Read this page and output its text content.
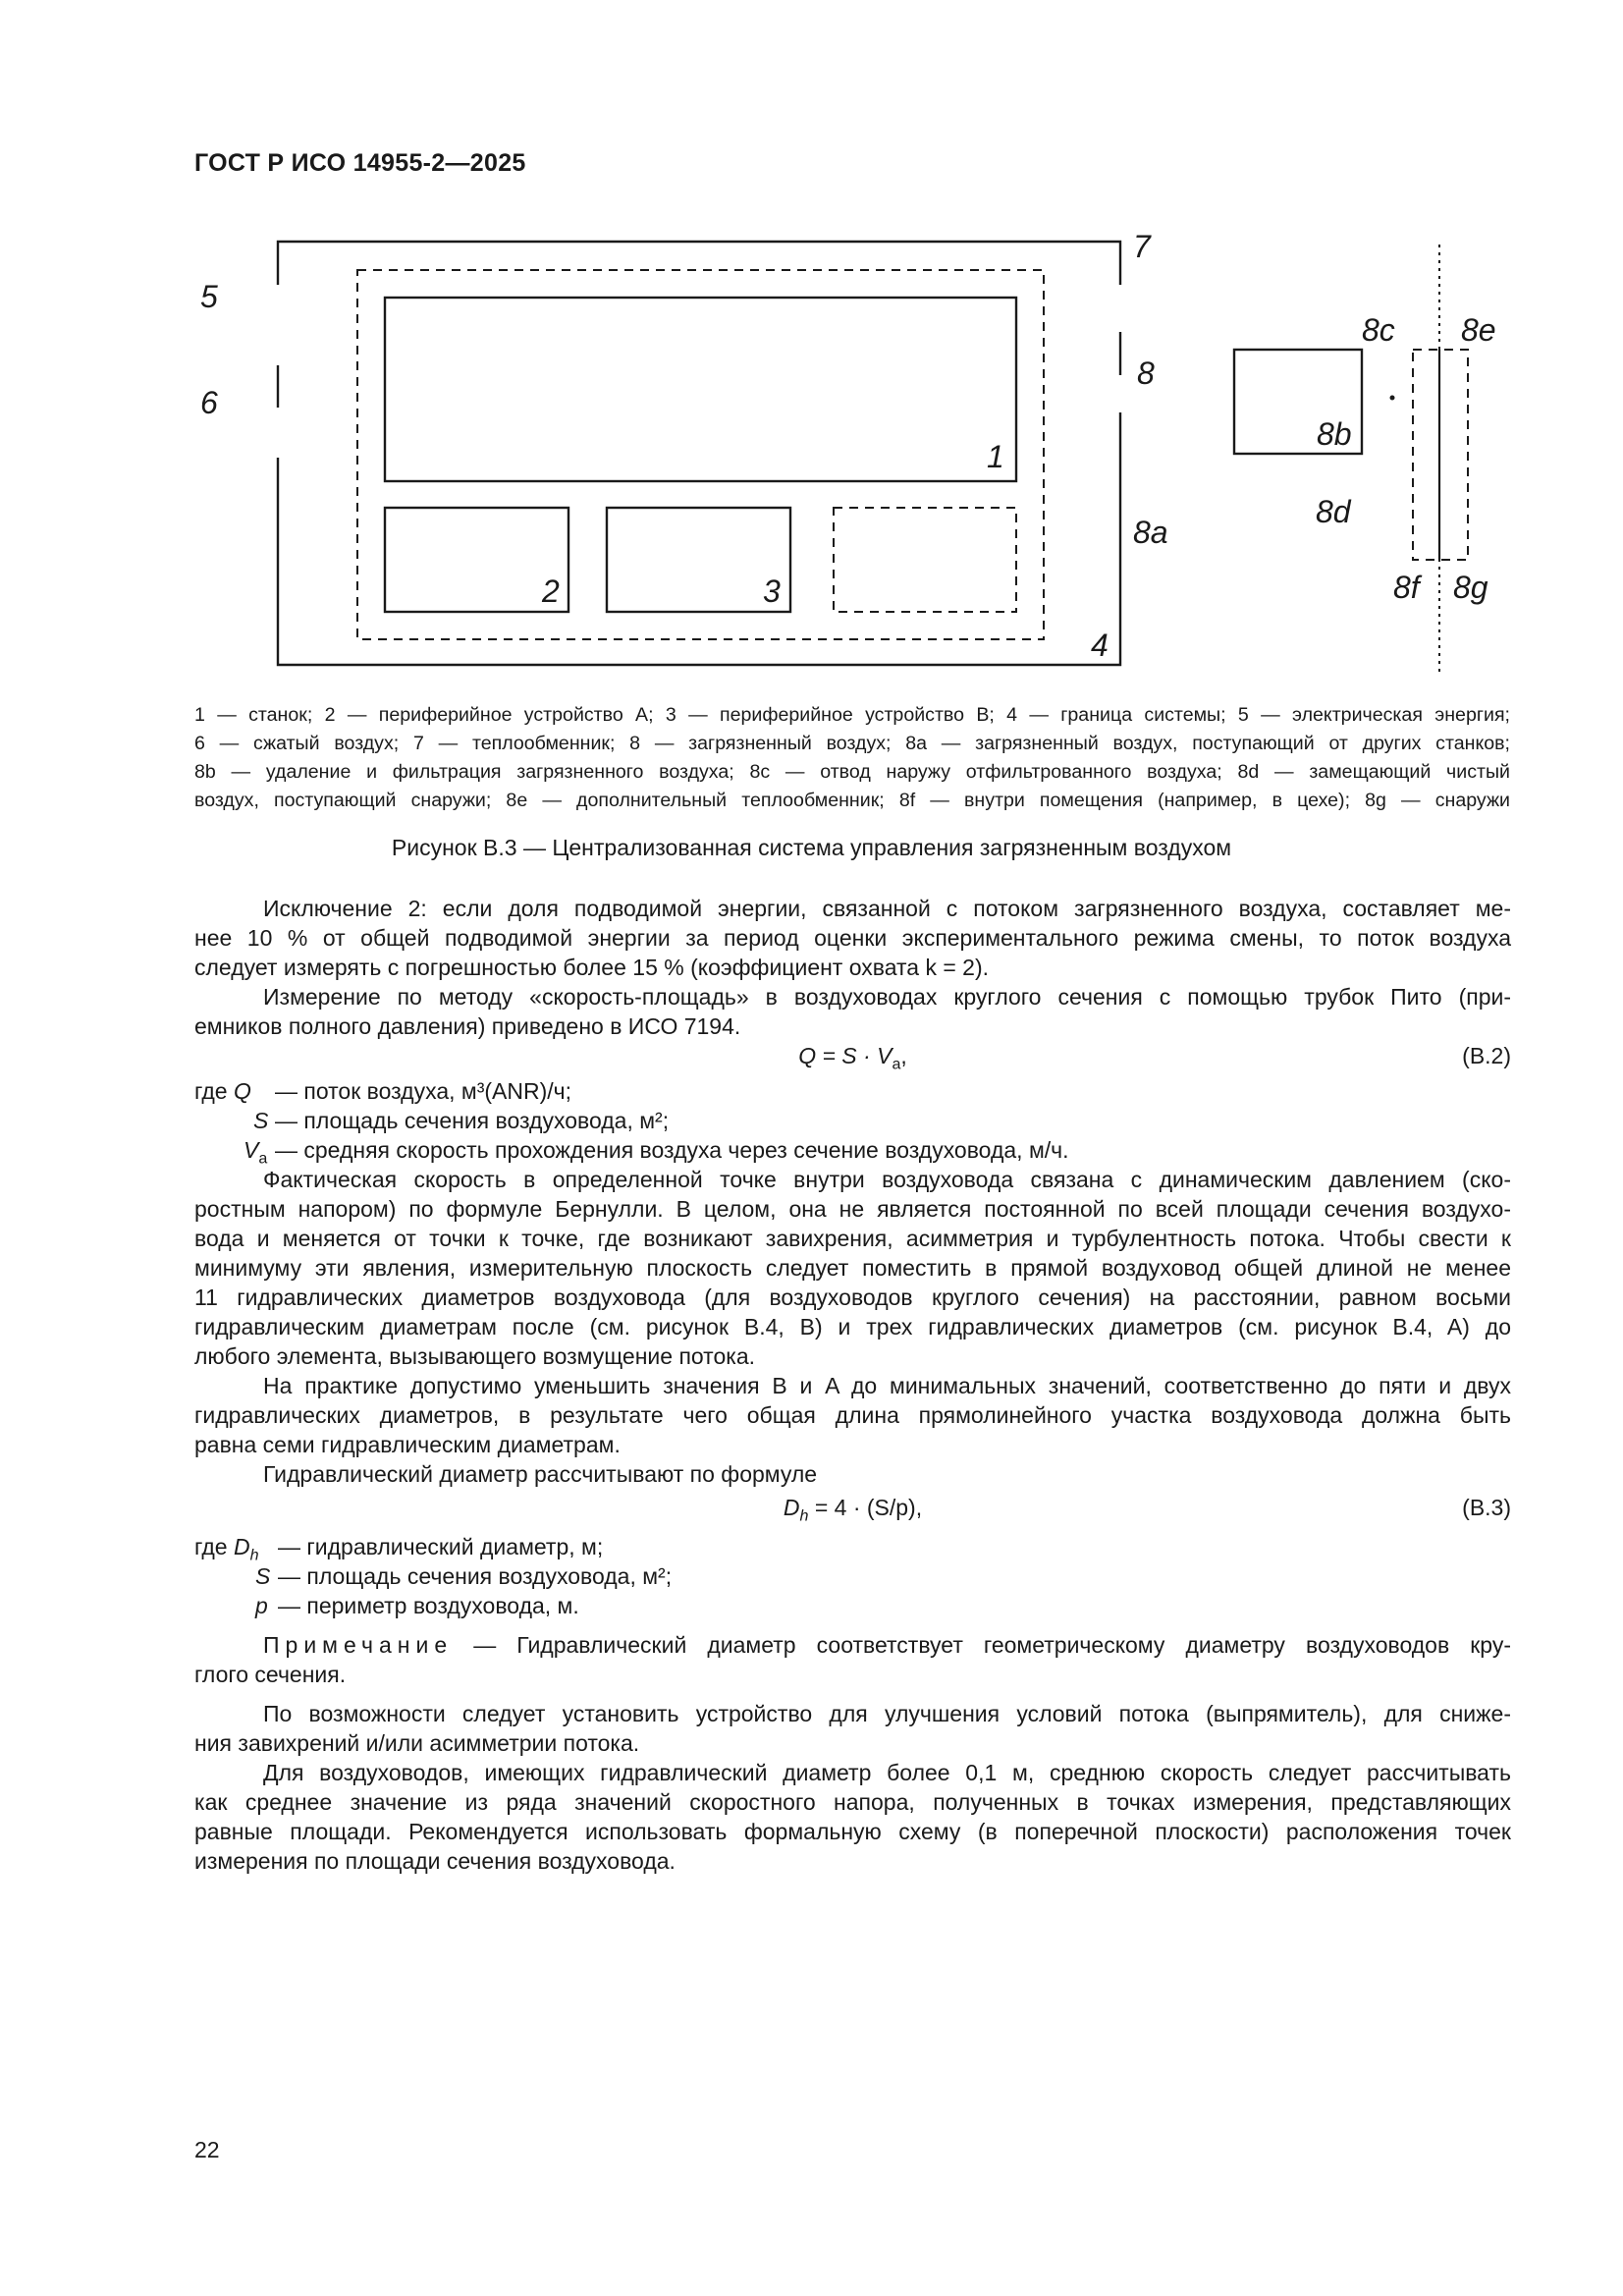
ГОСТ Р ИСО 14955-2—2025
1
2	3
4
5
6
7
8
8a
8b
8c
8d
8e
8f 8g

1 — станок; 2 — периферийное устройство A; 3 — периферийное устройство B; 4 — граница системы; 5 — электрическая энергия;

6 — сжатый воздух; 7 — теплообменник; 8 — загрязненный воздух; 8a — загрязненный воздух, поступающий от других станков;

8b — удаление и фильтрация загрязненного воздуха; 8c — отвод наружу отфильтрованного воздуха; 8d — замещающий чистый

воздух, поступающий снаружи; 8e — дополнительный теплообменник; 8f — внутри помещения (например, в цехе); 8g — снаружи

Рисунок B.3 — Централизованная система управления загрязненным воздухом
Исключение 2: если доля подводимой энергии, связанной с потоком загрязненного воздуха, составляет ме-
нее 10 % от общей подводимой энергии за период оценки экспериментального режима смены, то поток воздуха
следует измерять с погрешностью более 15 % (коэффициент охвата k = 2).
Измерение по методу «скорость-площадь» в воздуховодах круглого сечения с помощью трубок Пито (при-
емников полного давления) приведено в ИСО 7194.
$Q = S \cdot V_a$,	(B.2)
где Q — поток воздуха, м³(ANR)/ч;
S — площадь сечения воздуховода, м²;
$V_a$ — средняя скорость прохождения воздуха через сечение воздуховода, м/ч.
Фактическая скорость в определенной точке внутри воздуховода связана с динамическим давлением (ско-
ростным напором) по формуле Бернулли. В целом, она не является постоянной по всей площади сечения воздухо-
вода и меняется от точки к точке, где возникают завихрения, асимметрия и турбулентность потока. Чтобы свести к
минимуму эти явления, измерительную плоскость следует поместить в прямой воздуховод общей длиной не менее
11 гидравлических диаметров воздуховода (для воздуховодов круглого сечения) на расстоянии, равном восьми
гидравлическим диаметрам после (см. рисунок B.4, B) и трех гидравлических диаметров (см. рисунок B.4, A) до
любого элемента, вызывающего возмущение потока.
На практике допустимо уменьшить значения B и A до минимальных значений, соответственно до пяти и двух
гидравлических диаметров, в результате чего общая длина прямолинейного участка воздуховода должна быть
равна семи гидравлическим диаметрам.
Гидравлический диаметр рассчитывают по формуле
$D_h = 4 \cdot (S/p)$,	(B.3)
где $D_h$ — гидравлический диаметр, м;
S — площадь сечения воздуховода, м²;
p — периметр воздуховода, м.
Примечание — Гидравлический диаметр соответствует геометрическому диаметру воздуховодов кру-
глого сечения.
По возможности следует установить устройство для улучшения условий потока (выпрямитель), для сниже-
ния завихрений и/или асимметрии потока.
Для воздуховодов, имеющих гидравлический диаметр более 0,1 м, среднюю скорость следует рассчитывать
как среднее значение из ряда значений скоростного напора, полученных в точках измерения, представляющих
равные площади. Рекомендуется использовать формальную схему (в поперечной плоскости) расположения точек
измерения по площади сечения воздуховода.
22
